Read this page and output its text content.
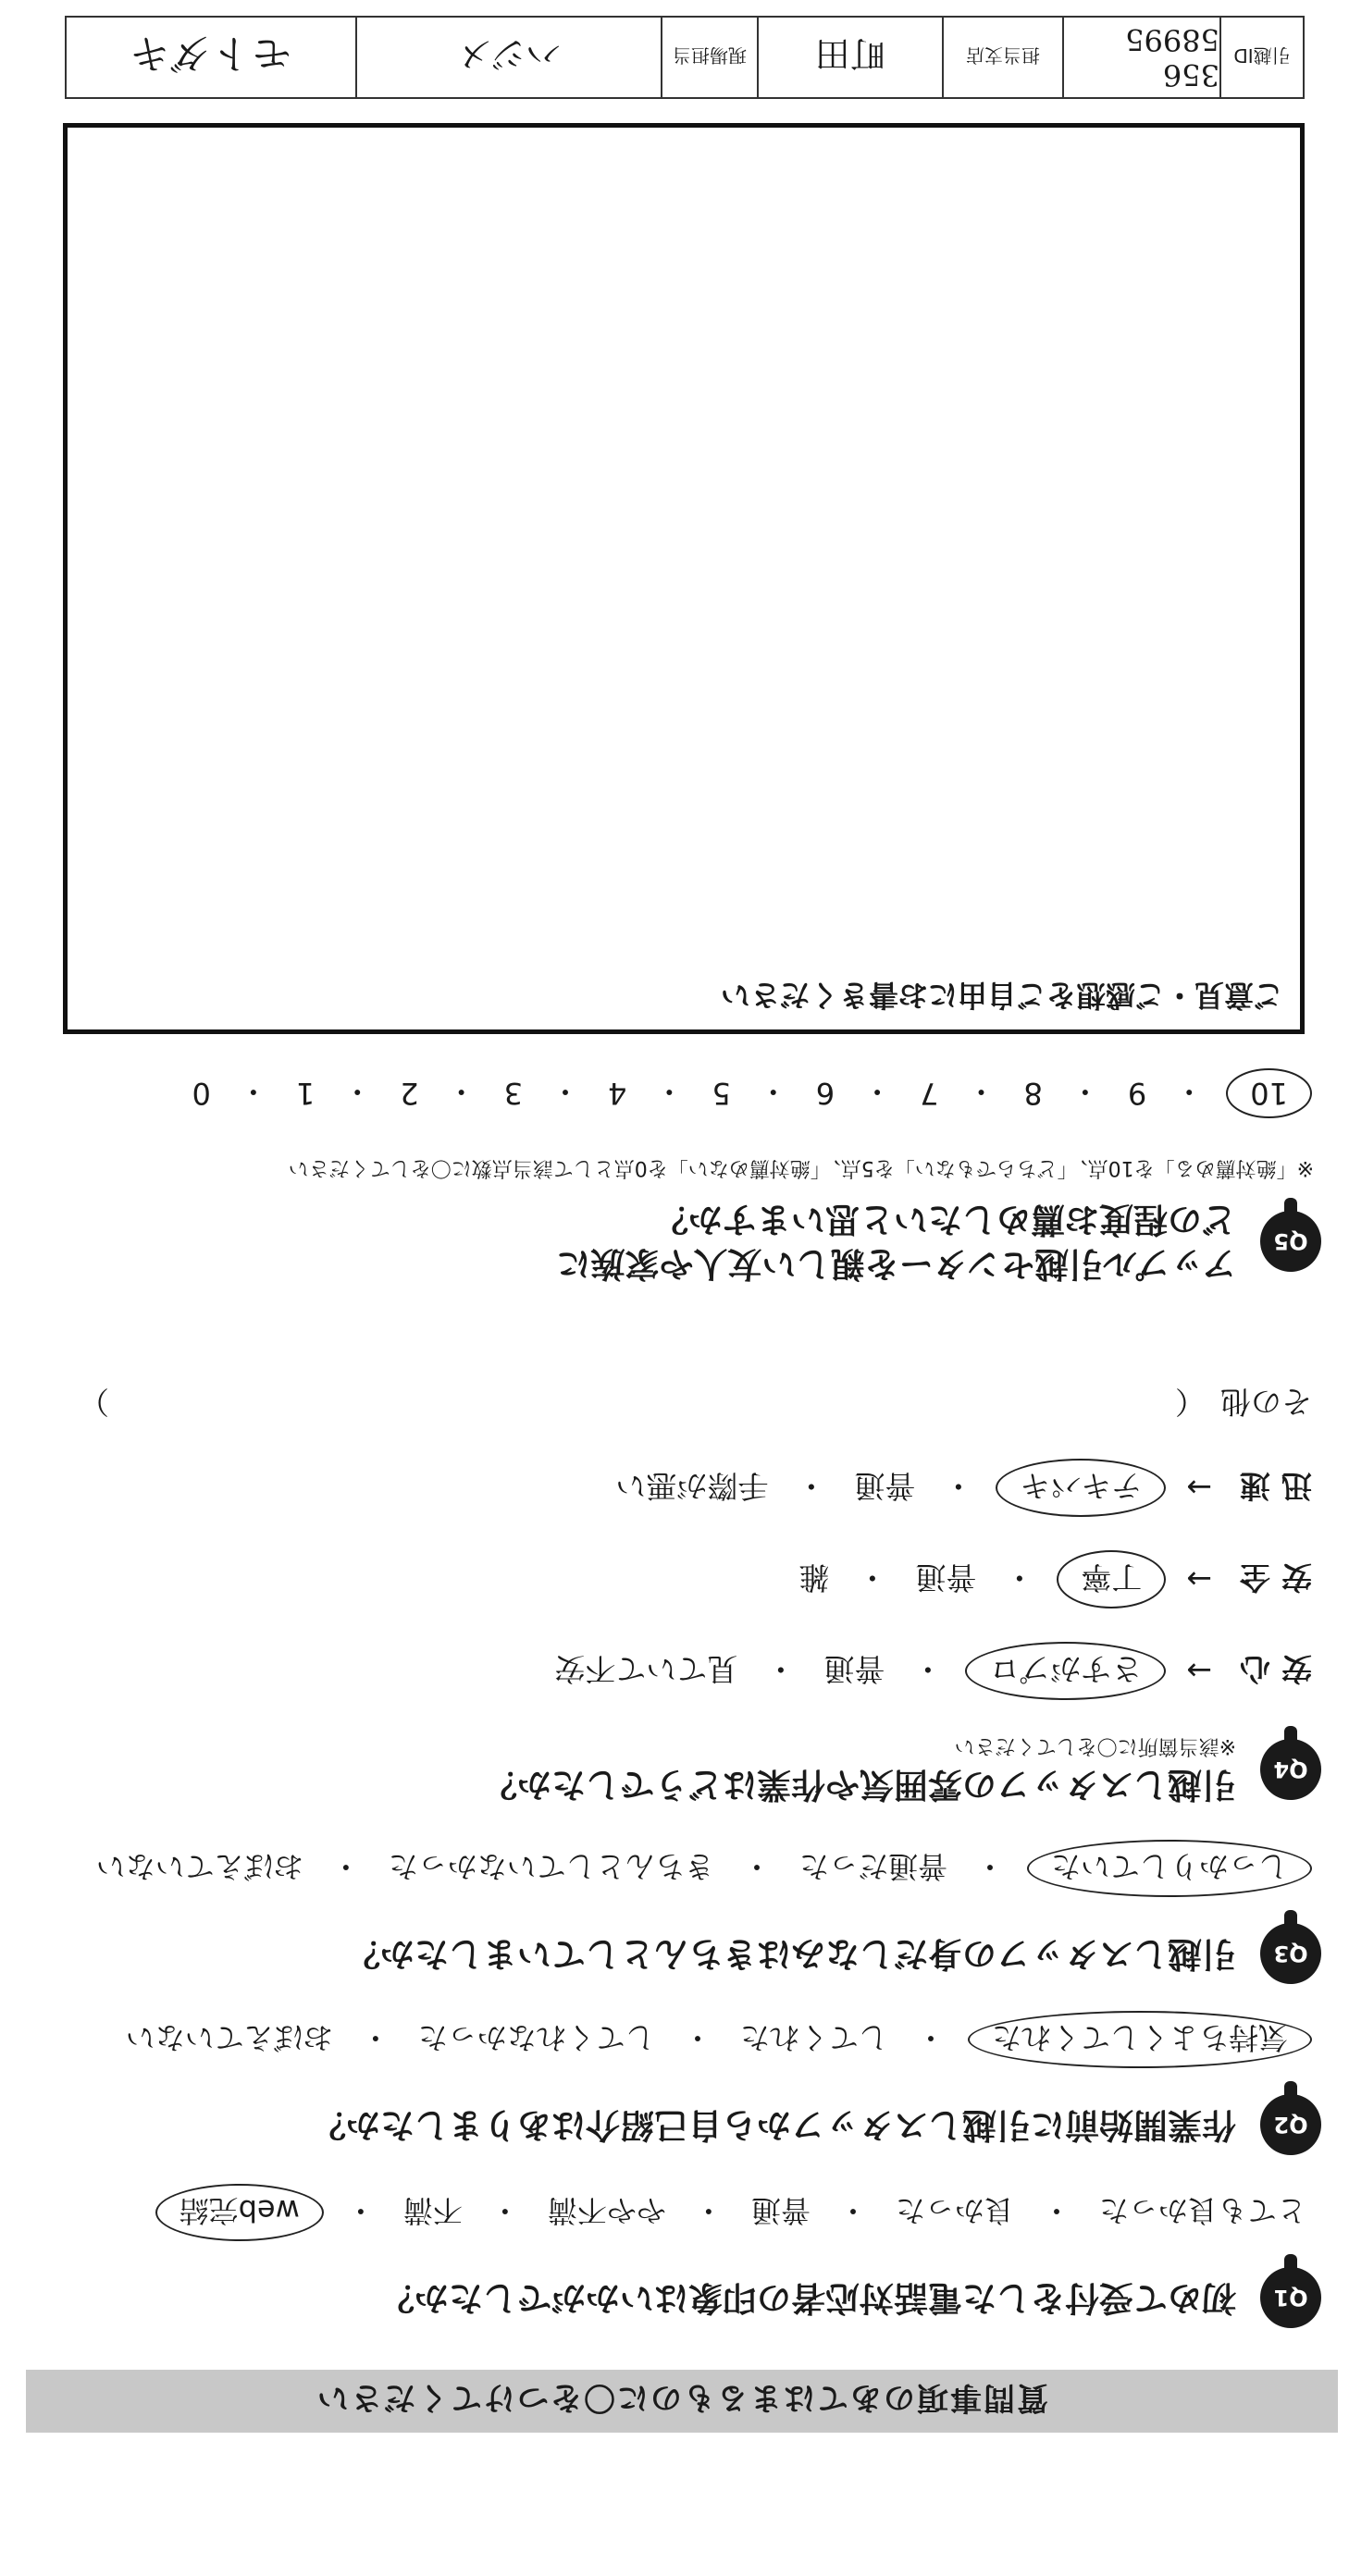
質問事項のあてはまるものに〇をつけてください
Q1
初めて受付をした電話対応者の印象はいかがでしたか？
とても良かった
・
良かった
・
普通
・
やや不満
・
不満
・
web完結
Q2
作業開始前に引越しスタッフから自己紹介はありましたか？
気持ちよくしてくれた
・
してくれた
・
してくれなかった
・
おぼえていない
Q3
引越しスタッフの身だしなみはきちんとしていましたか？
しっかりしていた
・
普通だった
・
きちんとしていなかった
・
おぼえていない
Q4
引越しスタッフの雰囲気や作業はどうでしたか？
※該当箇所に〇をしてください
安心
→
さすがプロ
・
普通
・
見ていて不安
安全
→
丁寧
・
普通
・
雑
迅速
→
テキパキ
・
普通
・
手際が悪い
その他
（
）
Q5
アップル引越センターを親しい友人や家族に
どの程度お薦めしたいと思いますか？
※「絶対薦める」を10点、「どちらでもない」を5点、「絶対薦めない」を0点として該当点数に〇をしてください
10
・
9
・
8
・
7
・
6
・
5
・
4
・
3
・
2
・
1
・
0
ご意見・ご感想をご自由にお書きください
引越ID
356 58995
担当支店
町田
現場担当
ハジメ
モトダキ
